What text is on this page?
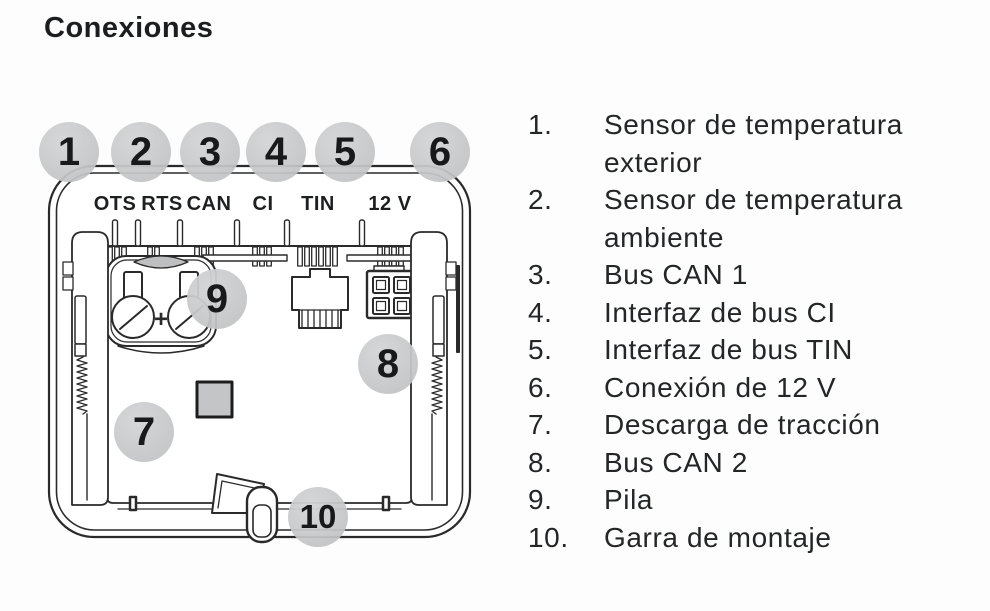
Conexiones
+
OTS RTS CAN CI TIN 12 V
1	2	3	4	5	6
7
8
9
10
1.	Sensor de temperatura exterior
2.	Sensor de temperatura ambiente
3.	Bus CAN 1
4.	Interfaz de bus CI
5.	Interfaz de bus TIN
6.	Conexión de 12 V
7.	Descarga de tracción
8.	Bus CAN 2
9.	Pila
10.	Garra de montaje
